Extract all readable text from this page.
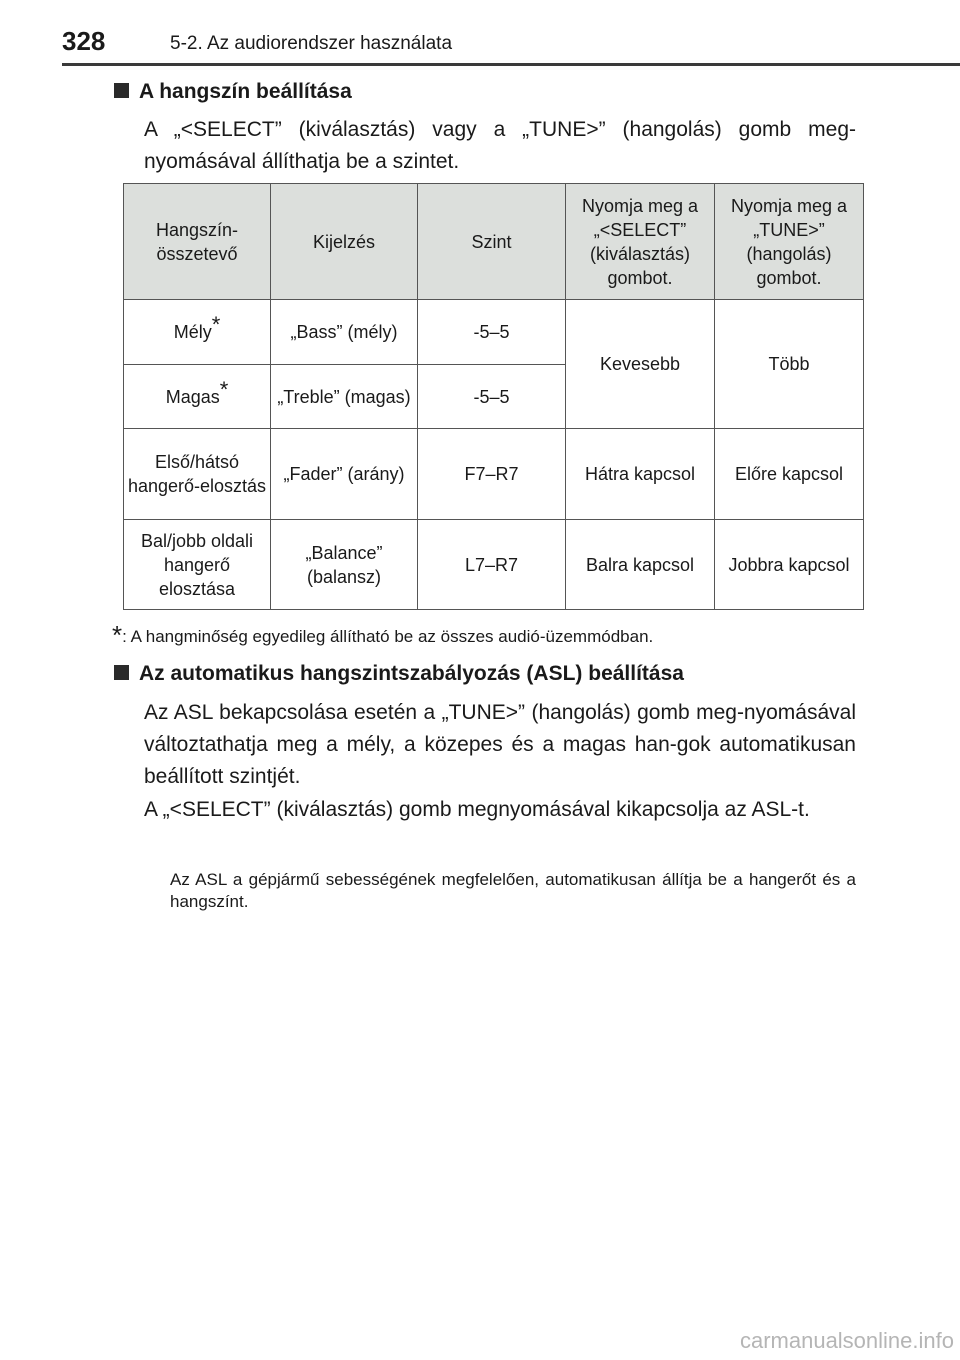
328	5-2. Az audiorendszer használata
A hangszín beállítása
A „<SELECT” (kiválasztás) vagy a „TUNE>” (hangolás) gomb meg-nyomásával állíthatja be a szintet.
Hangszín-összetevő	Kijelzés	Szint	Nyomja meg a „<SELECT” (kiválasztás) gombot.	Nyomja meg a „TUNE>” (hangolás) gombot.
Mély*	„Bass” (mély)	-5–5	Kevesebb	Több
Magas*	„Treble” (magas)	-5–5		
Első/hátsó hangerő-elosztás	„Fader” (arány)	F7–R7	Hátra kapcsol	Előre kapcsol
Bal/jobb oldali hangerő elosztása	„Balance” (balansz)	L7–R7	Balra kapcsol	Jobbra kapcsol
*: A hangminőség egyedileg állítható be az összes audió-üzemmódban.
Az automatikus hangszintszabályozás (ASL) beállítása
Az ASL bekapcsolása esetén a „TUNE>” (hangolás) gomb meg-nyomásával változtathatja meg a mély, a közepes és a magas han-gok automatikusan beállított szintjét.
A „<SELECT” (kiválasztás) gomb megnyomásával kikapcsolja az ASL-t.
Az ASL a gépjármű sebességének megfelelően, automatikusan állítja be a hangerőt és a hangszínt.
carmanualsonline.info
